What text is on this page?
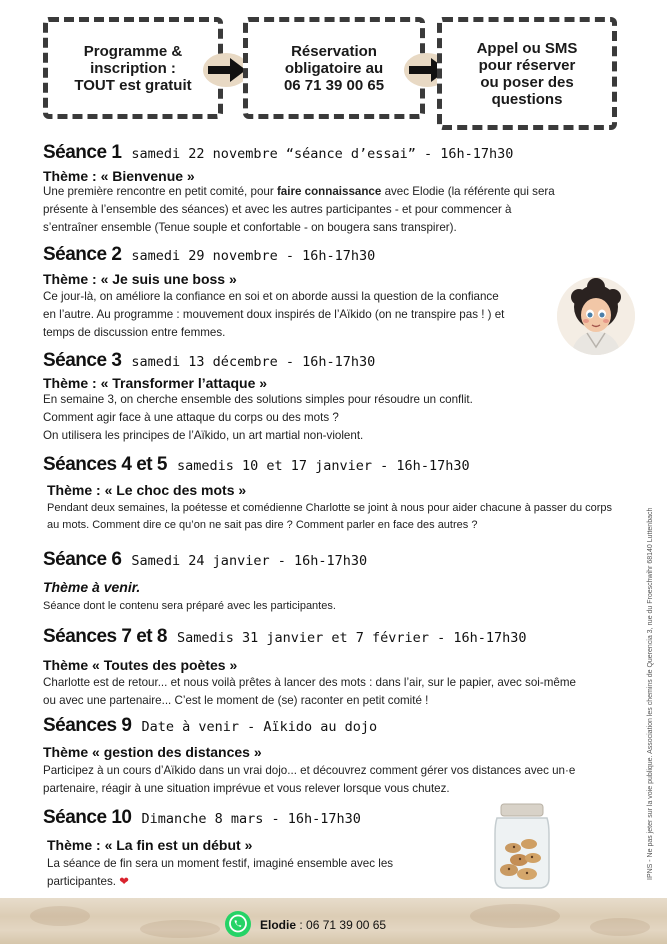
Programme &
inscription :
TOUT est gratuit
Réservation
obligatoire au
06 71 39 00 65
Appel ou SMS
pour réserver
ou poser des
questions
Séance 1 samedi 22 novembre “séance d’essai” - 16h-17h30
Thème : « Bienvenue »
Une première rencontre en petit comité, pour faire connaissance avec Elodie (la référente qui sera
présente à l’ensemble des séances) et avec les autres participantes - et pour commencer à
s’entraîner ensemble (Tenue souple et confortable - on bougera sans transpirer).
Séance 2 samedi 29 novembre - 16h-17h30
Thème : « Je suis une boss »
Ce jour-là, on améliore la confiance en soi et on aborde aussi la question de la confiance
en l’autre. Au programme : mouvement doux inspirés de l’Aïkido (on ne transpire pas ! ) et
temps de discussion entre femmes.
Séance 3 samedi 13 décembre - 16h-17h30
Thème : « Transformer l’attaque »
En semaine 3, on cherche ensemble des solutions simples pour résoudre un conflit.
Comment agir face à une attaque du corps ou des mots ?
On utilisera les principes de l’Aïkido, un art martial non-violent.
Séances 4 et 5 samedis 10 et 17 janvier - 16h-17h30
Thème : « Le choc des mots »
Pendant deux semaines, la poétesse et comédienne Charlotte se joint à nous pour aider chacune à passer du corps
au mots. Comment dire ce qu’on ne sait pas dire ? Comment parler en face des autres ?
Séance 6 Samedi 24 janvier - 16h-17h30
Thème à venir.
Séance dont le contenu sera préparé avec les participantes.
Séances 7 et 8 Samedis 31 janvier et 7 février - 16h-17h30
Thème « Toutes des poètes »
Charlotte est de retour... et nous voilà prêtes à lancer des mots : dans l’air, sur le papier, avec soi-même
ou avec une partenaire... C’est le moment de (se) raconter en petit comité !
Séances 9 Date à venir - Aïkido au dojo
Thème « gestion des distances »
Participez à un cours d’Aïkido dans un vrai dojo... et découvrez comment gérer vos distances avec un·e
partenaire, réagir à une situation imprévue et vous relever lorsque vous chutez.
Séance 10 Dimanche 8 mars - 16h-17h30
Thème : « La fin est un début »
La séance de fin sera un moment festif, imaginé ensemble avec les
participantes. ❤
IPNS - Ne pas jeter sur la voie publique. Association les chemins de Querencia 3, rue du Froeschwihr 68140 Luttenbach
Elodie : 06 71 39 00 65
